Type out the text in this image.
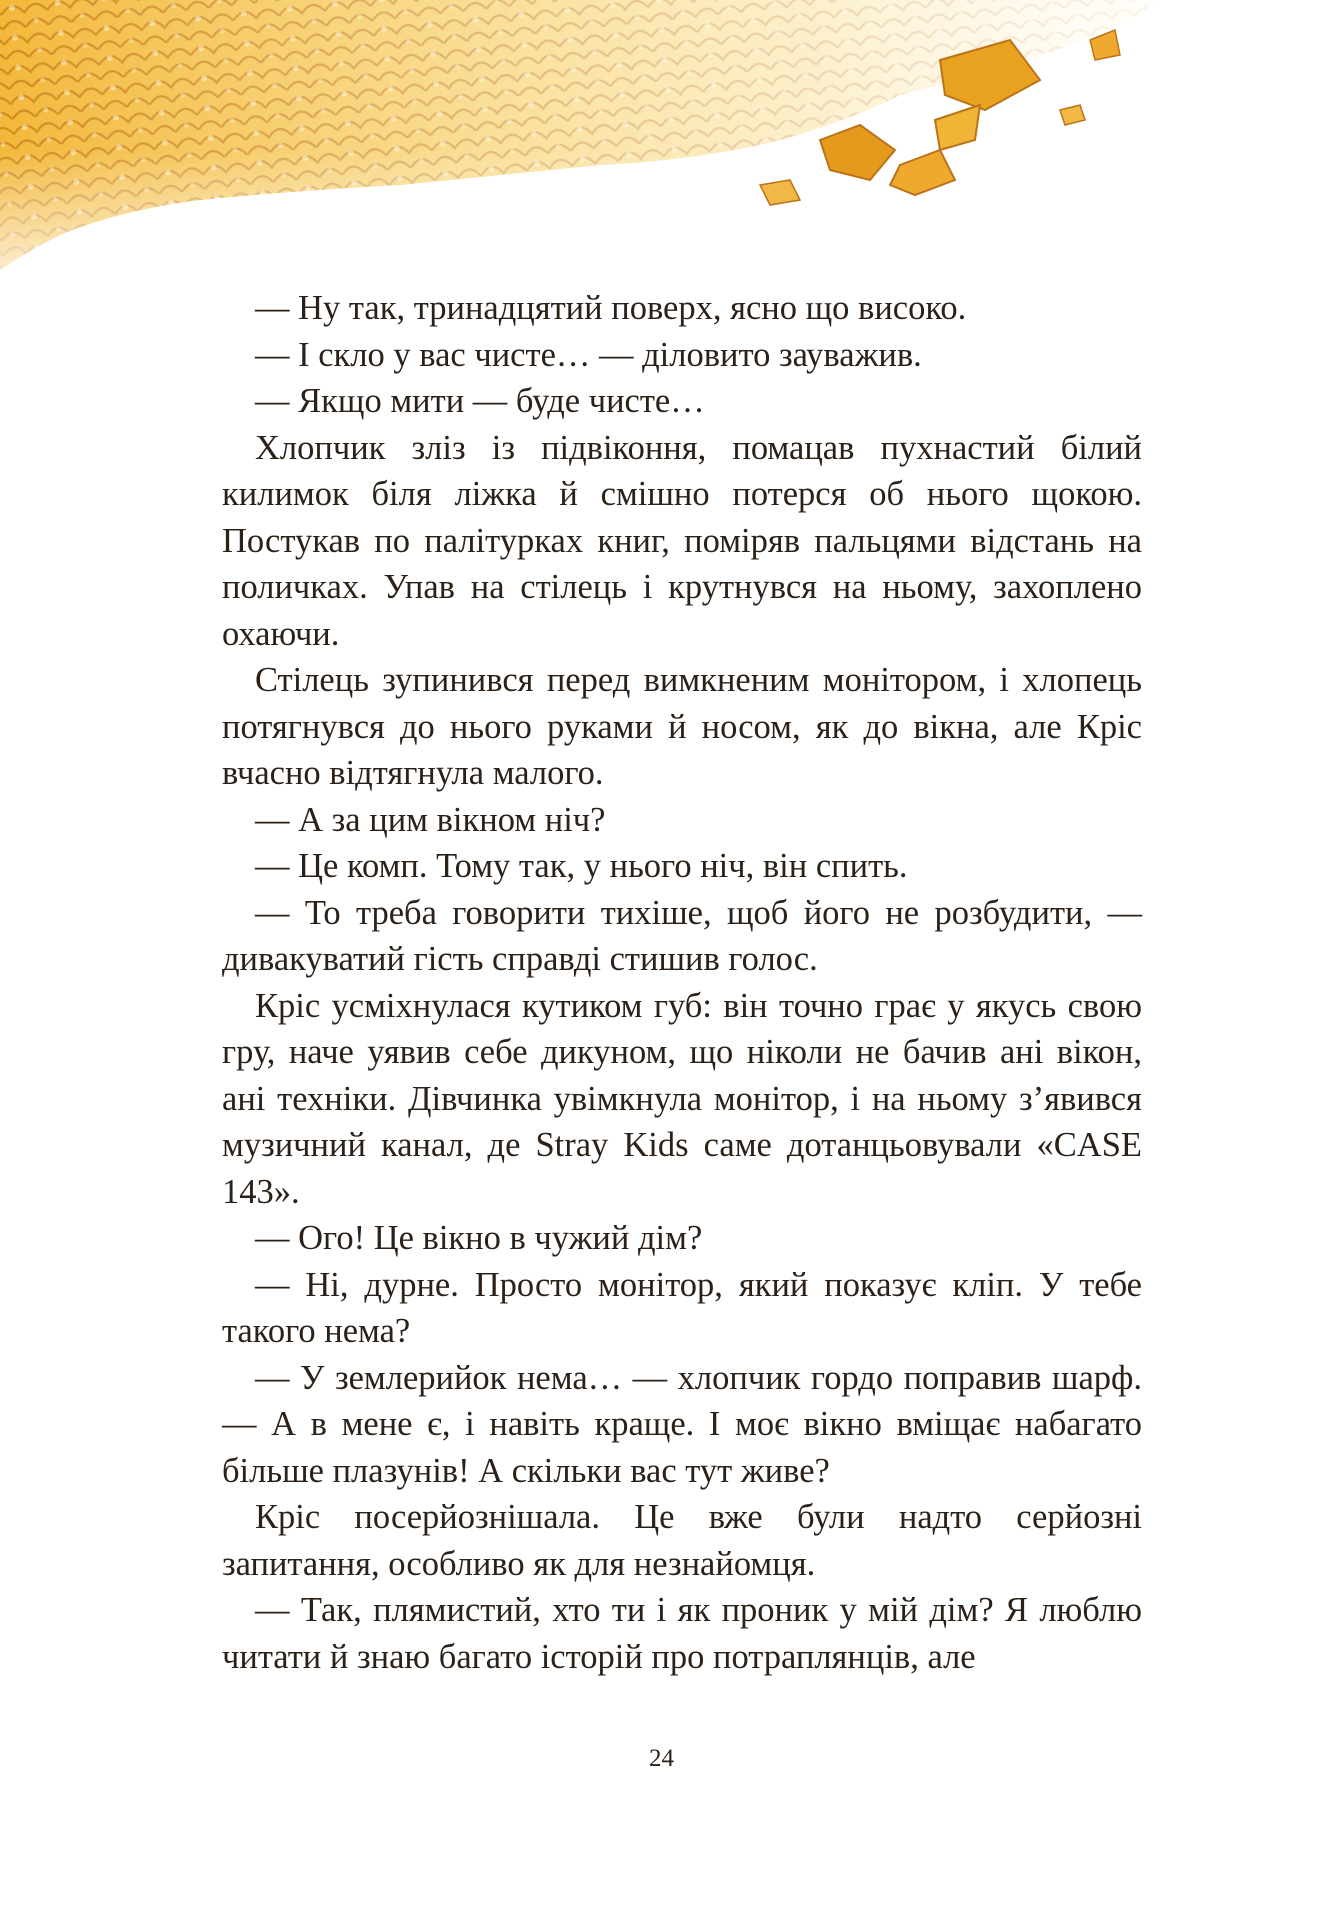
— Ну так, тринадцятий поверх, ясно що високо.

— І скло у вас чисте… — діловито зауважив.

— Якщо мити — буде чисте…

Хлопчик зліз із підвіконня, помацав пухнастий білий килимок біля ліжка й смішно потерся об нього щокою. Постукав по палітурках книг, поміряв пальцями відстань на поличках. Упав на стілець і крутнувся на ньому, захоплено охаючи.

Стілець зупинився перед вимкненим монітором, і хлопець потягнувся до нього руками й носом, як до вікна, але Кріс вчасно відтягнула малого.

— А за цим вікном ніч?

— Це комп. Тому так, у нього ніч, він спить.

— То треба говорити тихіше, щоб його не розбудити, — дивакуватий гість справді стишив голос.

Кріс усміхнулася кутиком губ: він точно грає у якусь свою гру, наче уявив себе дикуном, що ніколи не бачив ані вікон, ані техніки. Дівчинка увімкнула монітор, і на ньому з’явився музичний канал, де Stray Kids саме дотанцьовували «CASE 143».

— Ого! Це вікно в чужий дім?

— Ні, дурне. Просто монітор, який показує кліп. У тебе такого нема?

— У землерийок нема… — хлопчик гордо поправив шарф. — А в мене є, і навіть краще. І моє вікно вміщає набагато більше плазунів! А скільки вас тут живе?

Кріс посерйознішала. Це вже були надто серйозні запитання, особливо як для незнайомця.

— Так, плямистий, хто ти і як проник у мій дім? Я люблю читати й знаю багато історій про потраплянців, але

24
